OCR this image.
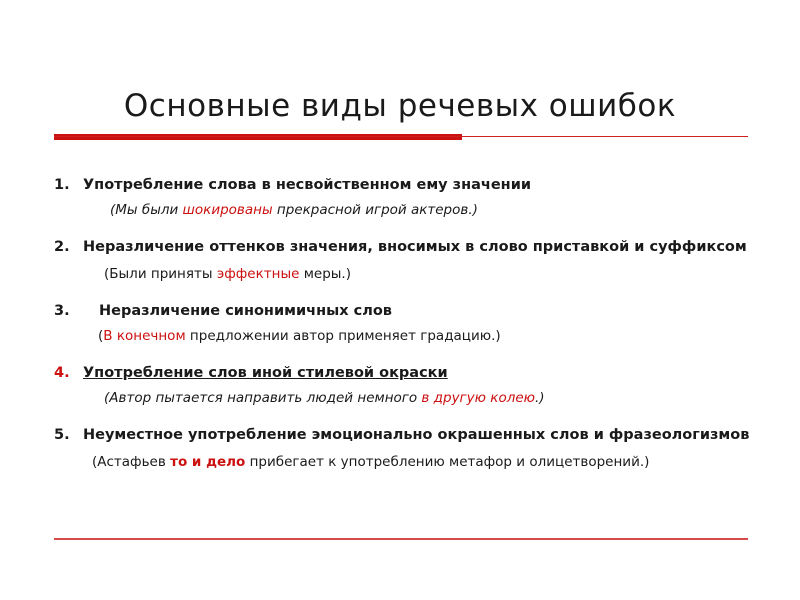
Основные виды речевых ошибок
1. Употребление слова в несвойственном ему значении
(Мы были шокированы прекрасной игрой актеров.)
2. Неразличение оттенков значения, вносимых в слово приставкой и суффиксом
(Были приняты эффектные меры.)
3. Неразличение синонимичных слов
(В конечном предложении автор применяет градацию.)
4. Употребление слов иной стилевой окраски
(Автор пытается направить людей немного в другую колею.)
5. Неуместное употребление эмоционально окрашенных слов и фразеологизмов
(Астафьев то и дело прибегает к употреблению метафор и олицетворений.)
